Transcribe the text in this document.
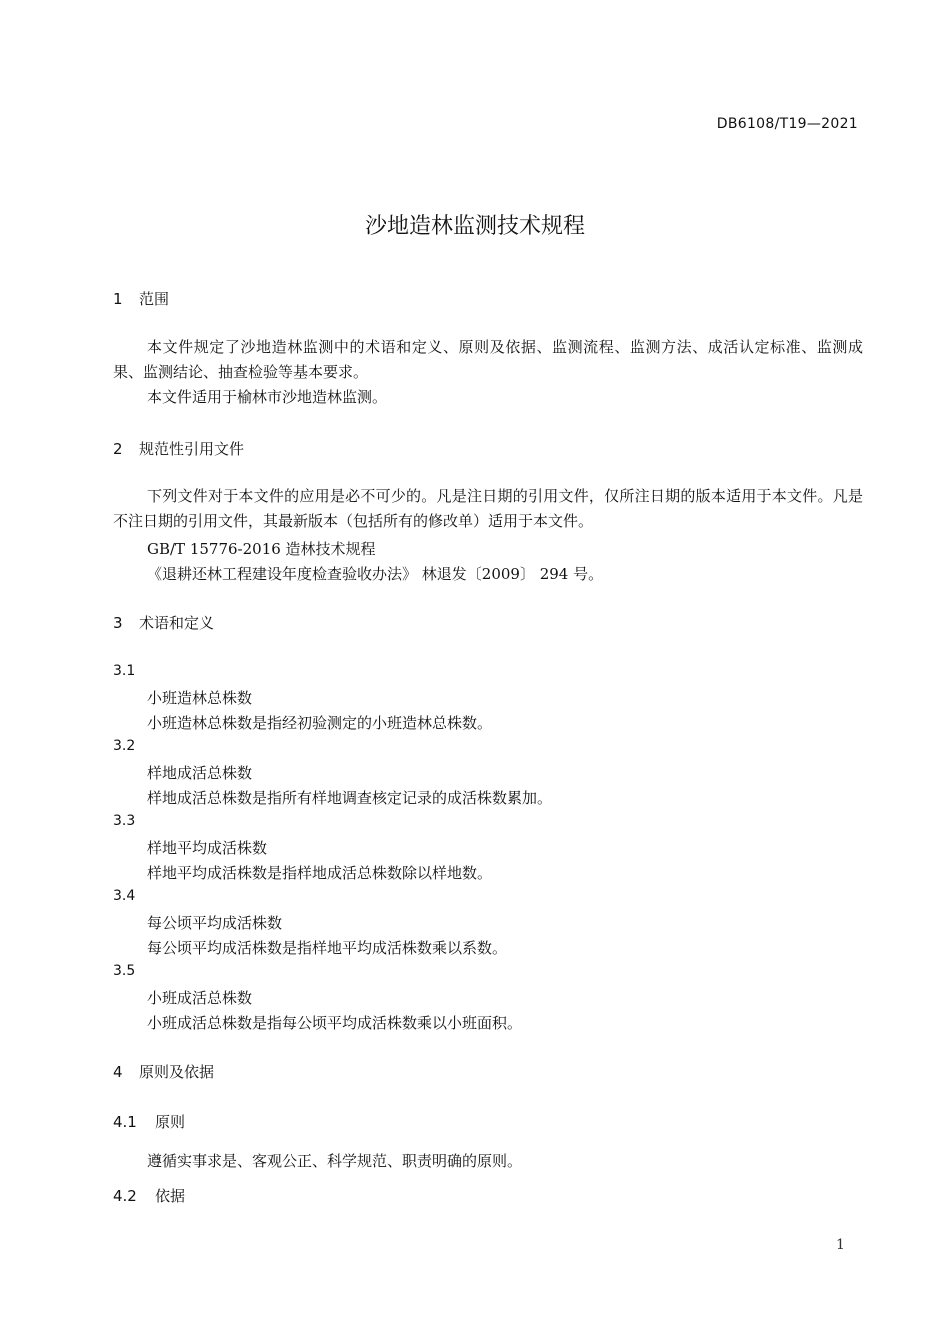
DB6108/T19—2021
沙地造林监测技术规程
1 范围
本文件规定了沙地造林监测中的术语和定义、原则及依据、监测流程、监测方法、成活认定标准、监测成果、监测结论、抽查检验等基本要求。
本文件适用于榆林市沙地造林监测。
2 规范性引用文件
下列文件对于本文件的应用是必不可少的。凡是注日期的引用文件，仅所注日期的版本适用于本文件。凡是不注日期的引用文件，其最新版本（包括所有的修改单）适用于本文件。
GB/T 15776-2016 造林技术规程
《退耕还林工程建设年度检查验收办法》 林退发〔2009〕 294 号。
3 术语和定义
3.1
小班造林总株数
小班造林总株数是指经初验测定的小班造林总株数。
3.2
样地成活总株数
样地成活总株数是指所有样地调查核定记录的成活株数累加。
3.3
样地平均成活株数
样地平均成活株数是指样地成活总株数除以样地数。
3.4
每公顷平均成活株数
每公顷平均成活株数是指样地平均成活株数乘以系数。
3.5
小班成活总株数
小班成活总株数是指每公顷平均成活株数乘以小班面积。
4 原则及依据
4.1 原则
遵循实事求是、客观公正、科学规范、职责明确的原则。
4.2 依据
1
